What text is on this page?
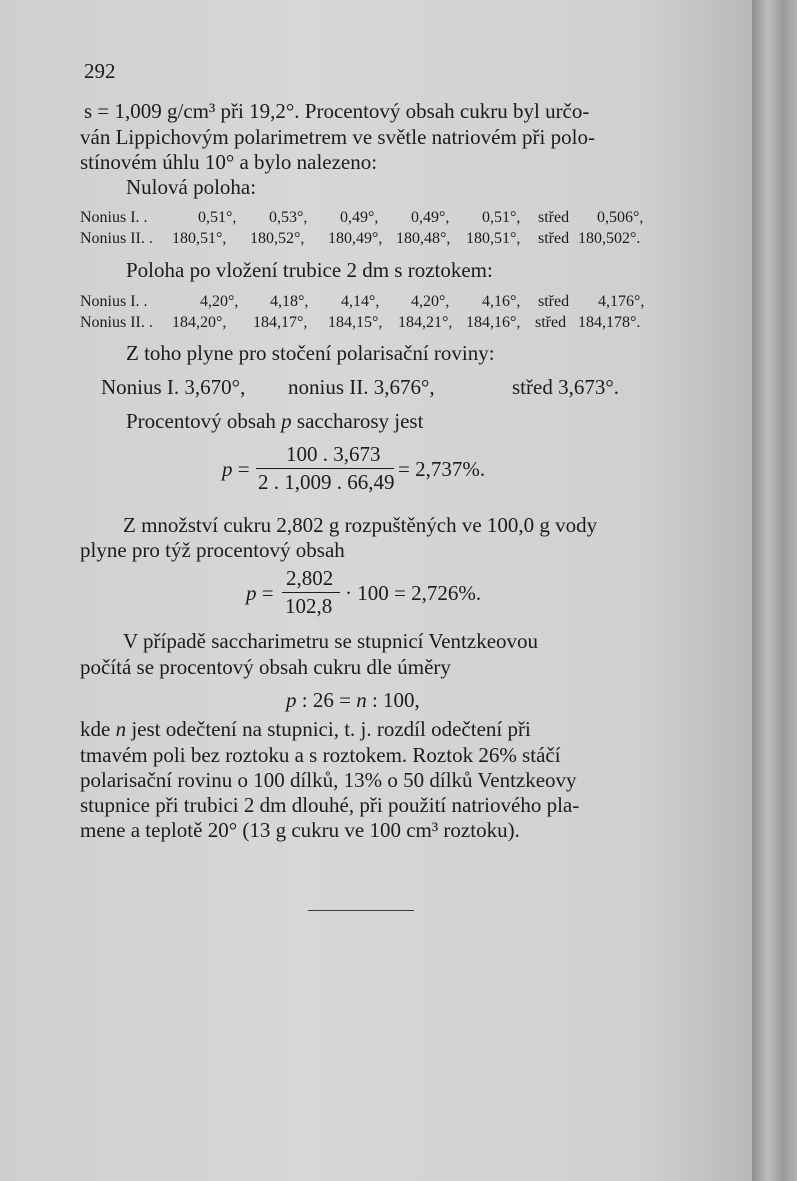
292
s = 1,009 g/cm³ při 19,2°. Procentový obsah cukru byl určo-
ván Lippichovým polarimetrem ve světle natriovém při polo-
stínovém úhlu 10° a bylo nalezeno:
Nulová poloha:
Nonius I. .	0,51°, 0,53°, 0,49°, 0,49°, 0,51°, střed 0,506°,
Nonius II. . 180,51°, 180,52°, 180,49°, 180,48°, 180,51°, střed 180,502°.
Poloha po vložení trubice 2 dm s roztokem:
Nonius I. .	4,20°, 4,18°, 4,14°, 4,20°, 4,16°, střed 4,176°,
Nonius II. . 184,20°, 184,17°, 184,15°, 184,21°, 184,16°, střed 184,178°.
Z toho plyne pro stočení polarisační roviny:
Nonius I. 3,670°, nonius II. 3,676°,	střed 3,673°.
Procentový obsah p saccharosy jest
p =
100 . 3,673
2 . 1,009 . 66,49
= 2,737%.
Z množství cukru 2,802 g rozpuštěných ve 100,0 g vody
plyne pro týž procentový obsah
p =
2,802
102,8
· 100 = 2,726%.
V případě saccharimetru se stupnicí Ventzkeovou
počítá se procentový obsah cukru dle úměry
p : 26 = n : 100,
kde n jest odečtení na stupnici, t. j. rozdíl odečtení při
tmavém poli bez roztoku a s roztokem. Roztok 26% stáčí
polarisační rovinu o 100 dílků, 13% o 50 dílků Ventzkeovy
stupnice při trubici 2 dm dlouhé, při použití natriového pla-
mene a teplotě 20° (13 g cukru ve 100 cm³ roztoku).
